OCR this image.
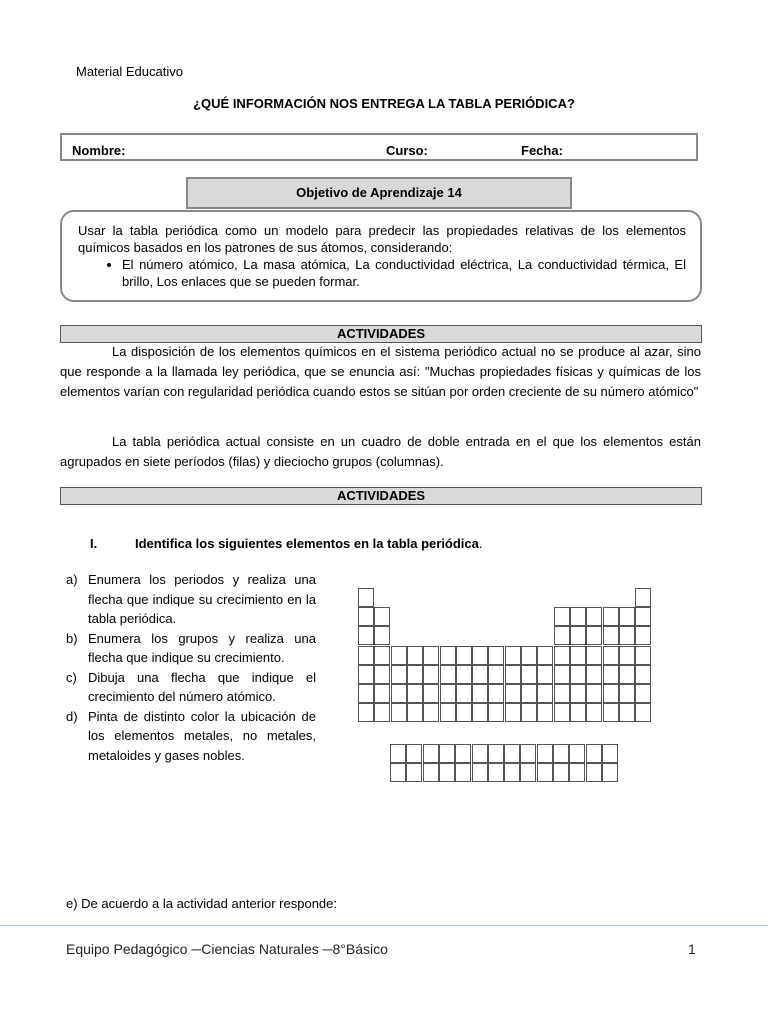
Material Educativo
¿QUÉ INFORMACIÓN NOS ENTREGA LA TABLA PERIÓDICA?
Nombre:	Curso:	Fecha:
Objetivo de Aprendizaje 14
Usar la tabla periódica como un modelo para predecir las propiedades relativas de los elementos químicos basados en los patrones de sus átomos, considerando:
• El número atómico, La masa atómica, La conductividad eléctrica, La conductividad térmica, El brillo, Los enlaces que se pueden formar.
ACTIVIDADES
La disposición de los elementos químicos en el sistema periódico actual no se produce al azar, sino que responde a la llamada ley periódica, que se enuncia así: "Muchas propiedades físicas y químicas de los elementos varían con regularidad periódica cuando estos se sitúan por orden creciente de su número atómico"
La tabla periódica actual consiste en un cuadro de doble entrada en el que los elementos están agrupados en siete períodos (filas) y dieciocho grupos (columnas).
ACTIVIDADES
I.	Identifica los siguientes elementos en la tabla periódica.
a) Enumera los periodos y realiza una flecha que indique su crecimiento en la tabla periódica.
b) Enumera los grupos y realiza una flecha que indique su crecimiento.
c) Dibuja una flecha que indique el crecimiento del número atómico.
d) Pinta de distinto color la ubicación de los elementos metales, no metales, metaloides y gases nobles.
e) De acuerdo a la actividad anterior responde:
Equipo Pedagógico ─Ciencias Naturales ─8°Básico	1
